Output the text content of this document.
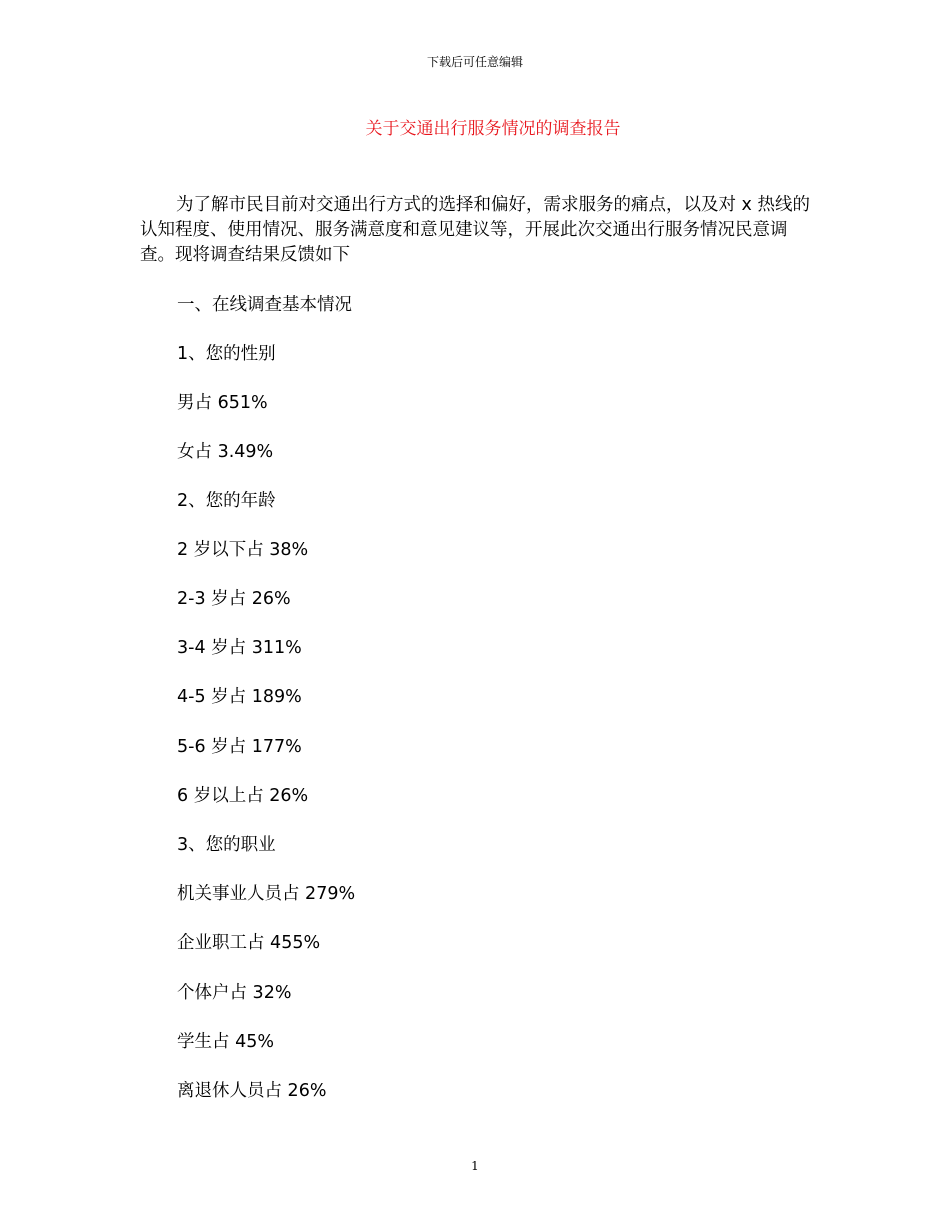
下载后可任意编辑
关于交通出行服务情况的调查报告

为了解市民目前对交通出行方式的选择和偏好，需求服务的痛点，以及对 x 热线的认知程度、使用情况、服务满意度和意见建议等，开展此次交通出行服务情况民意调查。现将调查结果反馈如下

一、在线调查基本情况
1、您的性别
男占 651%
女占 3.49%
2、您的年龄
2 岁以下占 38%
2-3 岁占 26%
3-4 岁占 311%
4-5 岁占 189%
5-6 岁占 177%
6 岁以上占 26%
3、您的职业
机关事业人员占 279%
企业职工占 455%
个体户占 32%
学生占 45%
离退休人员占 26%
1
